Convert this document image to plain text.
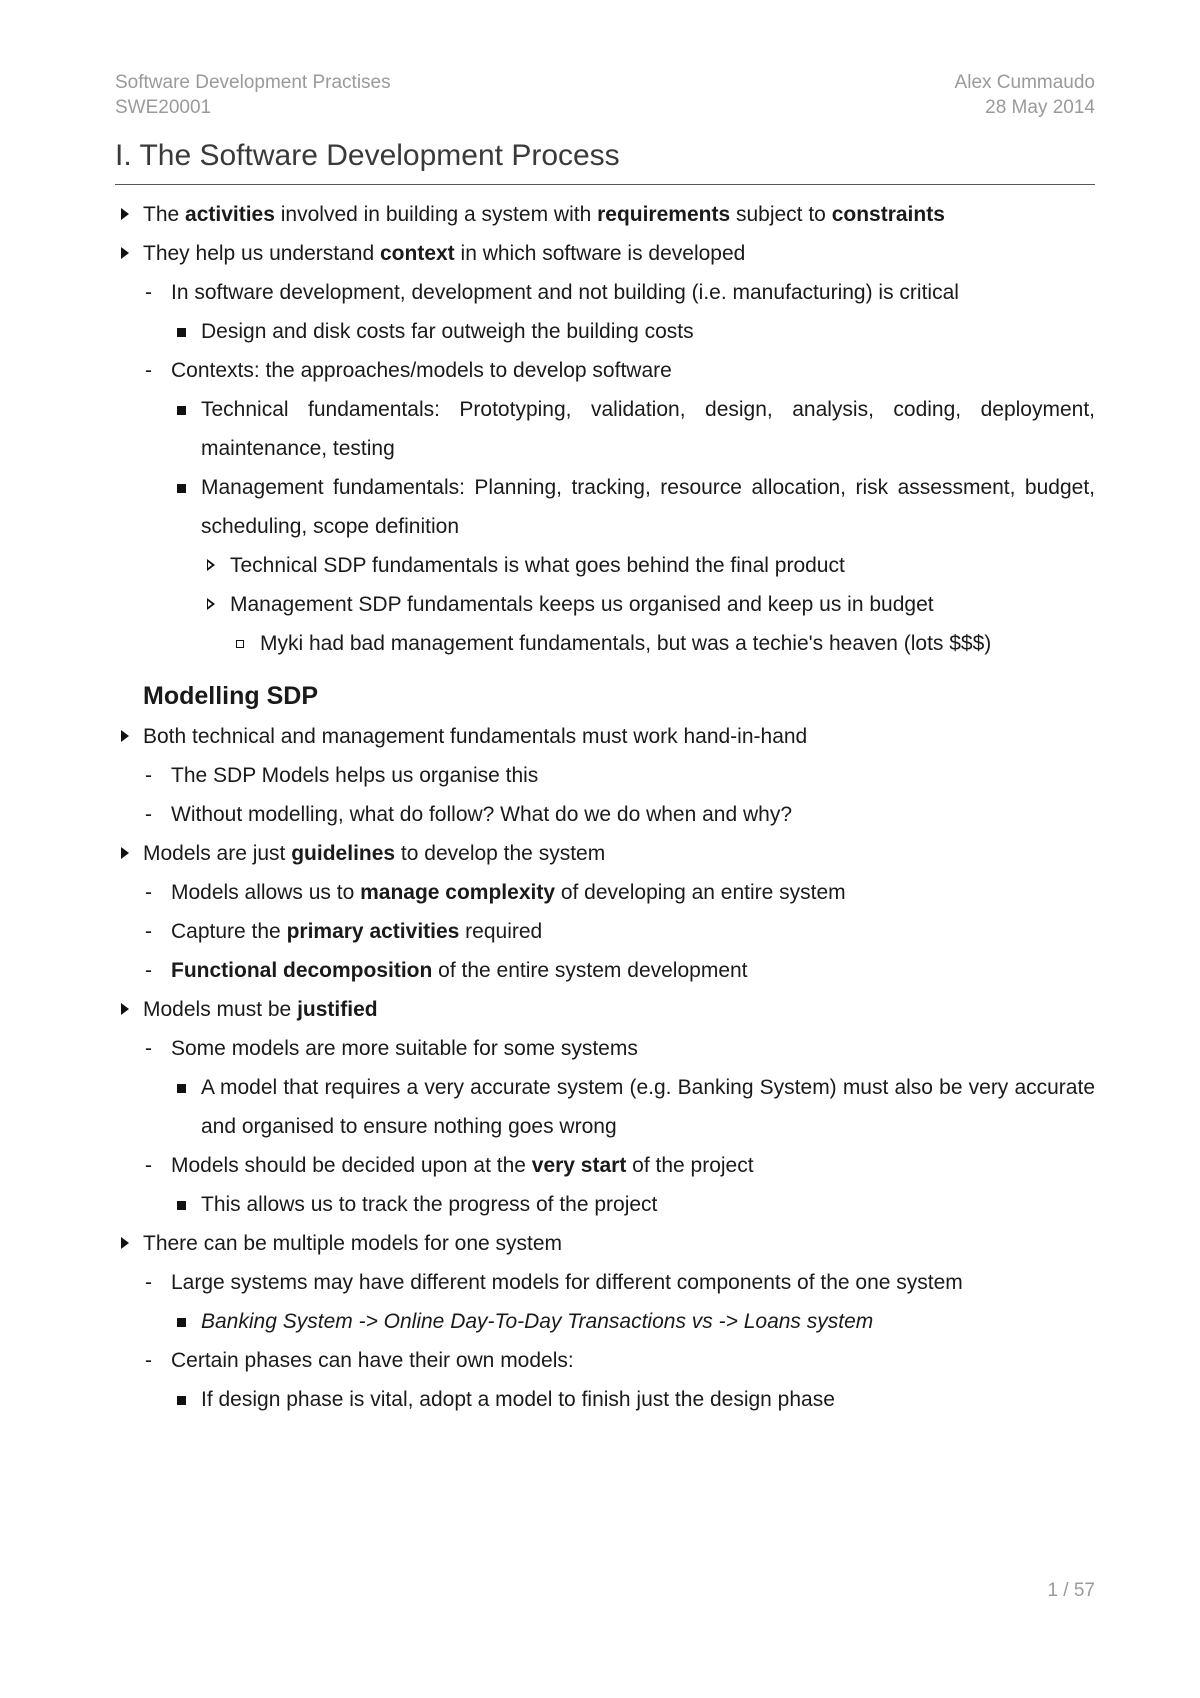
Software Development Practises	Alex Cummaudo
SWE20001	28 May 2014
I. The Software Development Process
The activities involved in building a system with requirements subject to constraints
They help us understand context in which software is developed
-
In software development, development and not building (i.e. manufacturing) is critical
Design and disk costs far outweigh the building costs
-
Contexts: the approaches/models to develop software
Technical fundamentals: Prototyping, validation, design, analysis, coding, deployment, maintenance, testing
Management fundamentals: Planning, tracking, resource allocation, risk assessment, budget, scheduling, scope definition
Technical SDP fundamentals is what goes behind the final product
Management SDP fundamentals keeps us organised and keep us in budget
Myki had bad management fundamentals, but was a techie's heaven (lots $$$)
Modelling SDP
Both technical and management fundamentals must work hand-in-hand
-
The SDP Models helps us organise this
-
Without modelling, what do follow? What do we do when and why?
Models are just guidelines to develop the system
-
Models allows us to manage complexity of developing an entire system
-
Capture the primary activities required
-
Functional decomposition of the entire system development
Models must be justified
-
Some models are more suitable for some systems
A model that requires a very accurate system (e.g. Banking System) must also be very accurate and organised to ensure nothing goes wrong
-
Models should be decided upon at the very start of the project
This allows us to track the progress of the project
There can be multiple models for one system
-
Large systems may have different models for different components of the one system
Banking System -> Online Day-To-Day Transactions vs -> Loans system
-
Certain phases can have their own models:
If design phase is vital, adopt a model to finish just the design phase
1 / 57
